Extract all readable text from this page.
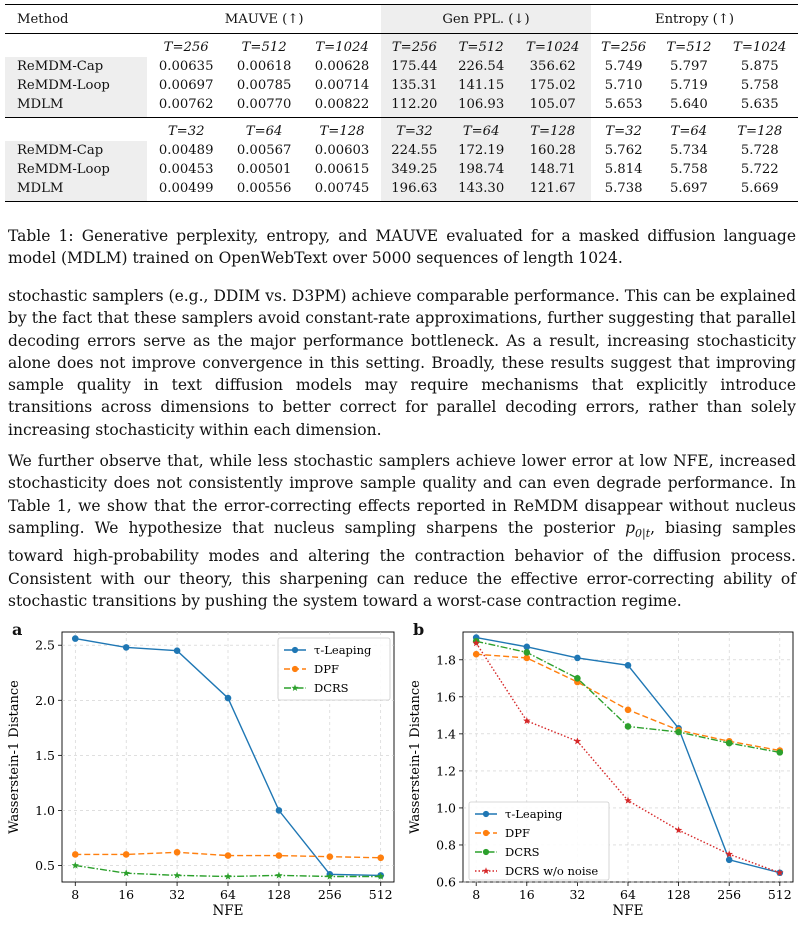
Method	MAUVE (↑)			Gen PPL. (↓)			Entropy (↑)		
	T=256	T=512	T=1024	T=256	T=512	T=1024	T=256	T=512	T=1024
ReMDM-Cap	0.00635	0.00618	0.00628	175.44	226.54	356.62	5.749	5.797	5.875
ReMDM-Loop	0.00697	0.00785	0.00714	135.31	141.15	175.02	5.710	5.719	5.758
MDLM	0.00762	0.00770	0.00822	112.20	106.93	105.07	5.653	5.640	5.635
	T=32	T=64	T=128	T=32	T=64	T=128	T=32	T=64	T=128
ReMDM-Cap	0.00489	0.00567	0.00603	224.55	172.19	160.28	5.762	5.734	5.728
ReMDM-Loop	0.00453	0.00501	0.00615	349.25	198.74	148.71	5.814	5.758	5.722
MDLM	0.00499	0.00556	0.00745	196.63	143.30	121.67	5.738	5.697	5.669
Table 1: Generative perplexity, entropy, and MAUVE evaluated for a masked diffusion language model (MDLM) trained on OpenWebText over 5000 sequences of length 1024.
stochastic samplers (e.g., DDIM vs. D3PM) achieve comparable performance. This can be explained by the fact that these samplers avoid constant-rate approximations, further suggesting that parallel decoding errors serve as the major performance bottleneck. As a result, increasing stochasticity alone does not improve convergence in this setting. Broadly, these results suggest that improving sample quality in text diffusion models may require mechanisms that explicitly introduce transitions across dimensions to better correct for parallel decoding errors, rather than solely increasing stochasticity within each dimension.
We further observe that, while less stochastic samplers achieve lower error at low NFE, increased stochasticity does not consistently improve sample quality and can even degrade performance. In Table 1, we show that the error-correcting effects reported in ReMDM disappear without nucleus sampling. We hypothesize that nucleus sampling sharpens the posterior $p_{0|t}$, biasing samples toward high-probability modes and altering the contraction behavior of the diffusion process. Consistent with our theory, this sharpening can reduce the effective error-correcting ability of stochastic transitions by pushing the system toward a worst-case contraction regime.
a
8	16	32	64 128 256 512
0.5
1.0
1.5
2.0
2.5
NFE
Wasserstein-1 Distance
τ-Leaping
DPF
DCRS
b
8	16	32	64 128 256 512
0.6
0.8
1.0
1.2
1.4
1.6
1.8
NFE
Wasserstein-1 Distance	τ-Leaping
DPF
DCRS
DCRS w/o noise
